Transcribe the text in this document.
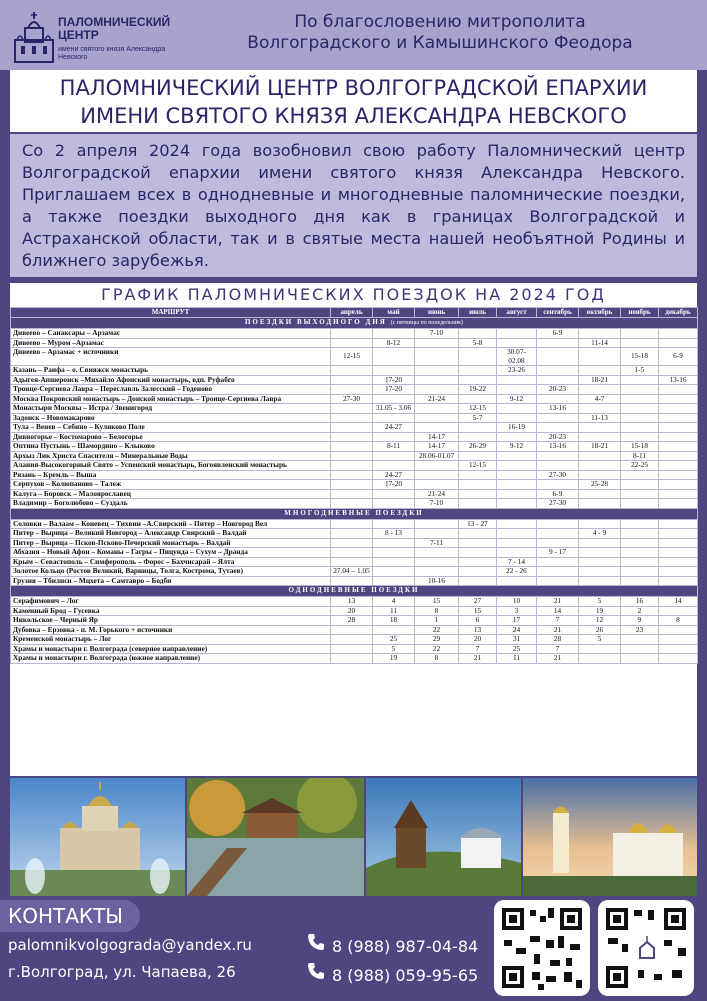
ПАЛОМНИЧЕСКИЙ ЦЕНТР
имени святого князя Александра Невского
По благословению митрополита
Волгоградского и Камышинского Феодора
ПАЛОМНИЧЕСКИЙ ЦЕНТР ВОЛГОГРАДСКОЙ ЕПАРХИИ
ИМЕНИ СВЯТОГО КНЯЗЯ АЛЕКСАНДРА НЕВСКОГО
Со 2 апреля 2024 года возобновил свою работу Паломнический центр Волгоградской епархии имени святого князя Александра Невского. Приглашаем всех в однодневные и многодневные паломнические поездки, а также поездки выходного дня как в границах Волгоградской и Астраханской области, так и в святые места нашей необъятной Родины и ближнего зарубежья.
ГРАФИК ПАЛОМНИЧЕСКИХ ПОЕЗДОК НА 2024 ГОД
МАРШРУТ	апрель	май	июнь	июль	август	сентябрь	октябрь	ноябрь	декабрь
ПОЕЗДКИ ВЫХОДНОГО ДНЯ (с пятницы по понедельник)									
Дивеево – Санаксары – Арзамас			7-10			6-9			
Дивеево – Муром –Арзамас		8-12		5-8			11-14		
Дивеево – Арзамас + источники	12-15				30.07-02.08			15-18	6-9
Казань – Раифа – о. Свияжск монастырь					23-26			1-5	
Адыгея-Апшеронск –Михайло Афонский монастырь, вдп. Руфабго		17-20					18-21		13-16
Троице-Сергиева Лавра – Переславль Залесский – Годеново		17-20		19-22		20-23			
Москва Покровский монастырь – Донской монастырь – Троице-Сергиева Лавра	27-30		21-24		9-12		4-7		
Монастыри Москвы – Истра / Звенигород		31.05 - 3.06		12-15		13-16			
Задонск – Новомакарово				5-7			11-13		
Тула – Венев – Себино – Куликово Поле		24-27			16-19				
Дивногорье – Костомарово – Белогорье			14-17			20-23			
Оптина Пустынь – Шамордино – Клыково		8-11	14-17	26-29	9-12	13-16	18-21	15-18	
Архыз Лик Христа Спасителя – Минеральные Воды			28.06-01.07					8-11	
Алания-Высокогорный Святo – Успенский монастырь, Богоявленский монастырь				12-15				22-25	
Рязань – Кремль – Выша		24-27				27-30			
Серпухов – Колюпаново – Талеж		17-20					25-28		
Калуга – Боровск – Малоярославец			21-24			6-9			
Владимир – Боголюбово – Суздаль			7-10			27-30			
МНОГОДНЕВНЫЕ ПОЕЗДКИ									
Соловки – Валаам – Коневец – Тихвин –А.Свирский – Питер – Новгород Вел				13 - 27					
Питер – Вырица – Великий Новгород – Александр Свирский – Валдай		8 - 13					4 - 9		
Питер – Вырица – Псков-Псково-Печерский монастырь – Валдай			7-11						
Абхазия – Новый Афон – Команы – Гагры – Пицунда – Сухум – Дранда						9 - 17			
Крым – Севастополь – Симферополь – Форос – Бахчисарай – Ялта					7 - 14				
Золотое Кольцо (Ростов Великий, Варницы, Толга, Кострома, Тутаев)	27.04 – 1.05				22 - 26				
Грузия – Тбилиси – Мцхета – Самтавро – Бодби			10-16						
ОДНОДНЕВНЫЕ ПОЕЗДКИ									
Серафимович – Лог	13	4	15	27	10	21	5	16	14
Каменный Брод – Гусевка	20	11	8	15	3	14	19	2	
Никольское – Черный Яр	28	18	1	6	17	7	12	9	8
Дубовка – Ерзовка - п. М. Горького + источники			22	13	24	21	26	23	
Кременской монастырь – Лог		25	29	20	31	28	5		
Храмы и монастыри г. Волгограда (северное направление)		5	22	7	25	7			
Храмы и монастыри г. Волгограда (южное направление)		19	8	21	11	21			
КОНТАКТЫ
palomnikvolgograda@yandex.ru
г.Волгоград, ул. Чапаева, 26
8 (988) 987-04-84
8 (988) 059-95-65
